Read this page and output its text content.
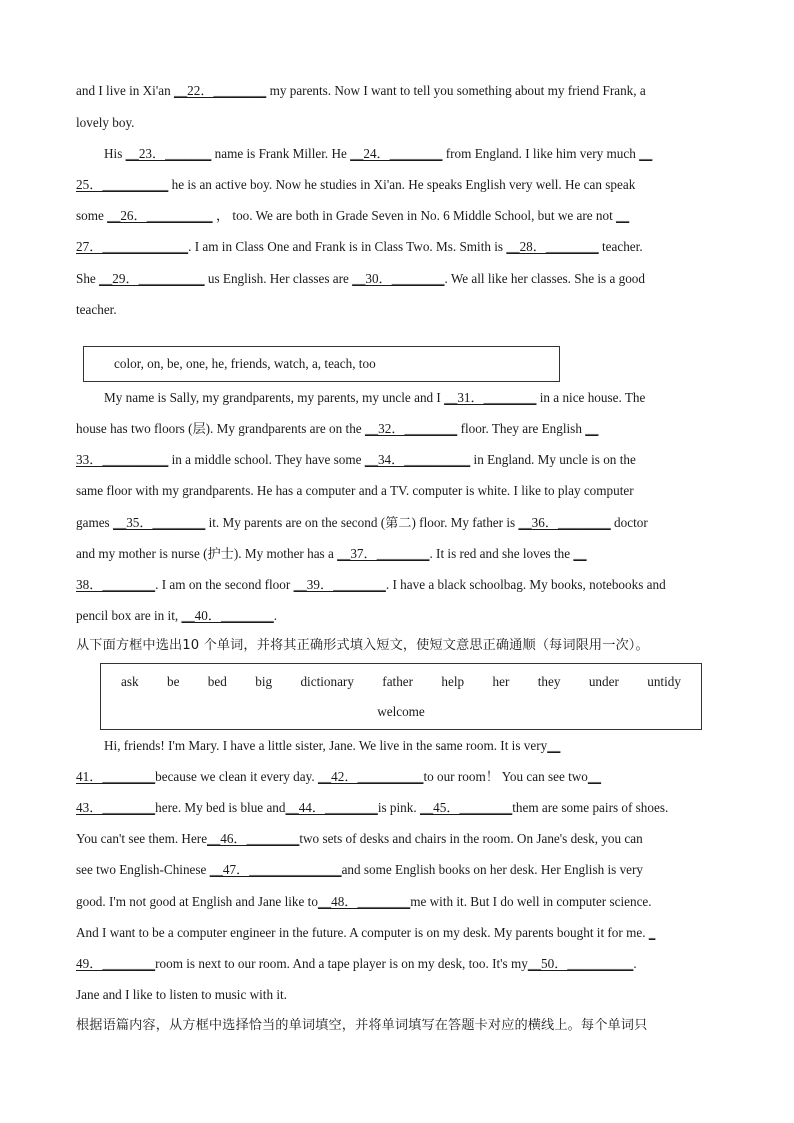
and I live in Xi'an __22．________ my parents. Now I want to tell you something about my friend Frank, a
lovely boy.
His __23．_______ name is Frank Miller. He __24．________ from England. I like him very much __
25．__________ he is an active boy. Now he studies in Xi'an. He speaks English very well. He can speak
some __26．__________ ， too. We are both in Grade Seven in No. 6 Middle School, but we are not __
27．_____________. I am in Class One and Frank is in Class Two. Ms. Smith is __28．________ teacher.
She __29．__________ us English. Her classes are __30．________. We all like her classes. She is a good
teacher.
color, on, be, one, he, friends, watch, a, teach, too
My name is Sally, my grandparents, my parents, my uncle and I __31．________ in a nice house. The
house has two floors (层). My grandparents are on the __32．________ floor. They are English __
33．__________ in a middle school. They have some __34．__________ in England. My uncle is on the
same floor with my grandparents. He has a computer and a TV. computer is white. I like to play computer
games __35．________ it. My parents are on the second (第二) floor. My father is __36．________ doctor
and my mother is nurse (护士). My mother has a __37．________. It is red and she loves the __
38．________. I am on the second floor __39．________. I have a black schoolbag. My books, notebooks and
pencil box are in it, __40．________.
从下面方框中选出10 个单词，并将其正确形式填入短文，使短文意思正确通顺（每词限用一次）。
ask be bed big dictionary father help her they under untidy
welcome
Hi, friends! I'm Mary. I have a little sister, Jane. We live in the same room. It is very__
41．________because we clean it every day. __42．__________to our room！ You can see two__
43．________here. My bed is blue and__44．________is pink. __45．________them are some pairs of shoes.
You can't see them. Here__46．________two sets of desks and chairs in the room. On Jane's desk, you can
see two English-Chinese __47．______________and some English books on her desk. Her English is very
good. I'm not good at English and Jane like to__48．________me with it. But I do well in computer science.
And I want to be a computer engineer in the future. A computer is on my desk. My parents bought it for me. _
49．________room is next to our room. And a tape player is on my desk, too. It's my__50．__________.
Jane and I like to listen to music with it.
根据语篇内容，从方框中选择恰当的单词填空，并将单词填写在答题卡对应的横线上。每个单词只
